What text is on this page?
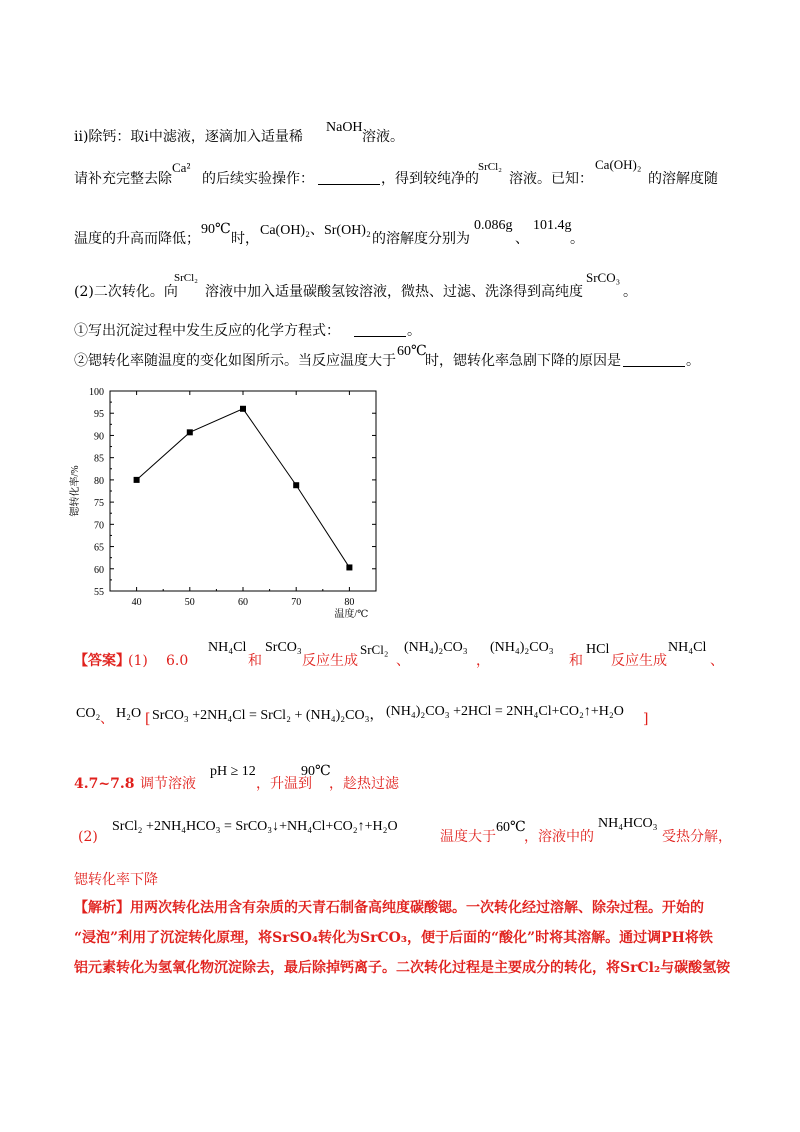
ⅱ)除钙：取ⅰ中滤液，逐滴加入适量稀
NaOH
溶液。
请补充完整去除
Ca²
的后续实验操作：	，得到较纯净的
SrCl₂
溶液。已知：
Ca(OH)₂
的溶解度随
温度的升高而降低；
90℃
时，
Ca(OH)₂、Sr(OH)₂
的溶解度分别为
0.086g
、
101.4g
。
(2)二次转化。向
SrCl₂
溶液中加入适量碳酸氢铵溶液，微热、过滤、洗涤得到高纯度
SrCO₃
。
①写出沉淀过程中发生反应的化学方程式：	。
②锶转化率随温度的变化如图所示。当反应温度大于
60℃
时，锶转化率急剧下降的原因是	。
55
60
65
70
75
80
85
90
95
100
40	50	60	70	80
温度/℃
锶转化率/%
【答案】
(1) 6.0
NH₄Cl
和
SrCO₃
反应生成
SrCl₂
、
(NH₄)₂CO₃
，
(NH₄)₂CO₃
和
HCl
反应生成
NH₄Cl
、
CO₂ 、 H₂O [ SrCO₃ +2NH₄Cl = SrCl₂ + (NH₄)₂CO₃， (NH₄)₂CO₃ +2HCl = 2NH₄Cl+CO₂↑+H₂O ]
4.7~7.8 调节溶液
pH ≥ 12
，升温到
90℃
，趁热过滤
(2)
SrCl₂ +2NH₄HCO₃ = SrCO₃↓+NH₄Cl+CO₂↑+H₂O
温度大于
60℃
，溶液中的
NH₄HCO₃
受热分解，
锶转化率下降
【解析】用两次转化法用含有杂质的天青石制备高纯度碳酸锶。一次转化经过溶解、除杂过程。开始的
“浸泡”利用了沉淀转化原理，将SrSO₄转化为SrCO₃，便于后面的“酸化”时将其溶解。通过调PH将铁
铝元素转化为氢氧化物沉淀除去，最后除掉钙离子。二次转化过程是主要成分的转化，将SrCl₂与碳酸氢铵
